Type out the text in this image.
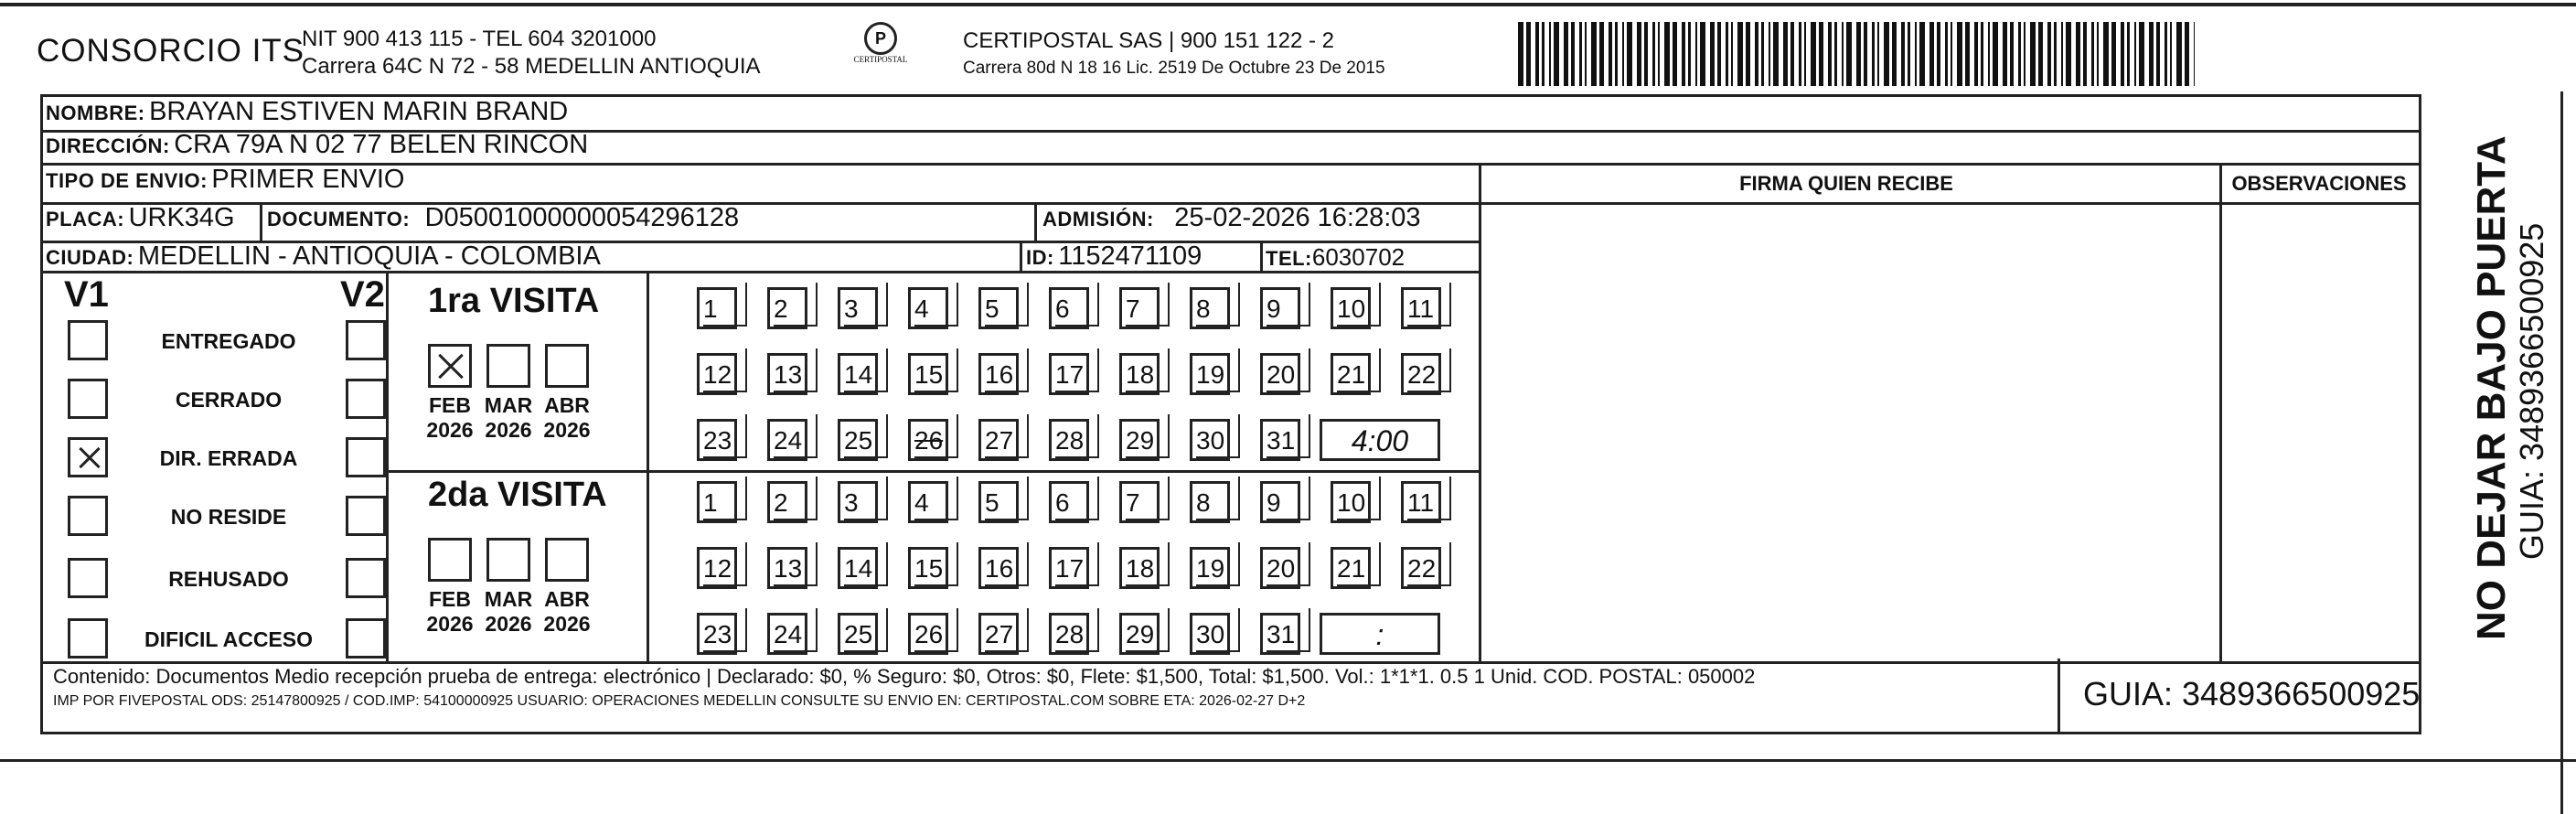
CONSORCIO ITS
NIT 900 413 115 - TEL 604 3201000
Carrera 64C N 72 - 58 MEDELLIN ANTIOQUIA
P
CERTIPOSTAL
CERTIPOSTAL SAS | 900 151 122 - 2
Carrera 80d N 18 16 Lic. 2519 De Octubre 23 De 2015
NOMBRE: BRAYAN ESTIVEN MARIN BRAND
DIRECCIÓN: CRA 79A N 02 77 BELEN RINCON
TIPO DE ENVIO: PRIMER ENVIO
PLACA: URK34G DOCUMENTO: D05001000000054296128	ADMISIÓN: 25-02-2026 16:28:03
CIUDAD: MEDELLIN - ANTIOQUIA - COLOMBIA	ID: 1152471109	TEL:6030702
FIRMA QUIEN RECIBE	OBSERVACIONES
V1	V2
ENTREGADO
CERRADO
DIR. ERRADA
NO RESIDE
REHUSADO
DIFICIL ACCESO
1ra VISITA
2da VISITA
FEB
2026
MAR
2026
ABR
2026
1	2	3	4	5	6	7	8	9	10 11
12 13 14 15 16 17 18 19 20 21 22
23 24 25 26 27 28 29 30 31	4:00
FEB
2026
MAR
2026
ABR
2026
1	2	3	4	5	6	7	8	9	10 11
12 13 14 15 16 17 18 19 20 21 22
23 24 25 26 27 28 29 30 31	:
Contenido: Documentos Medio recepción prueba de entrega: electrónico | Declarado: $0, % Seguro: $0, Otros: $0, Flete: $1,500, Total: $1,500. Vol.: 1*1*1. 0.5 1 Unid. COD. POSTAL: 050002
IMP POR FIVEPOSTAL ODS: 25147800925 / COD.IMP: 54100000925 USUARIO: OPERACIONES MEDELLIN CONSULTE SU ENVIO EN: CERTIPOSTAL.COM SOBRE ETA: 2026-02-27 D+2	GUIA: 3489366500925
NO DEJAR BAJO PUERTA GUIA: 3489366500925
